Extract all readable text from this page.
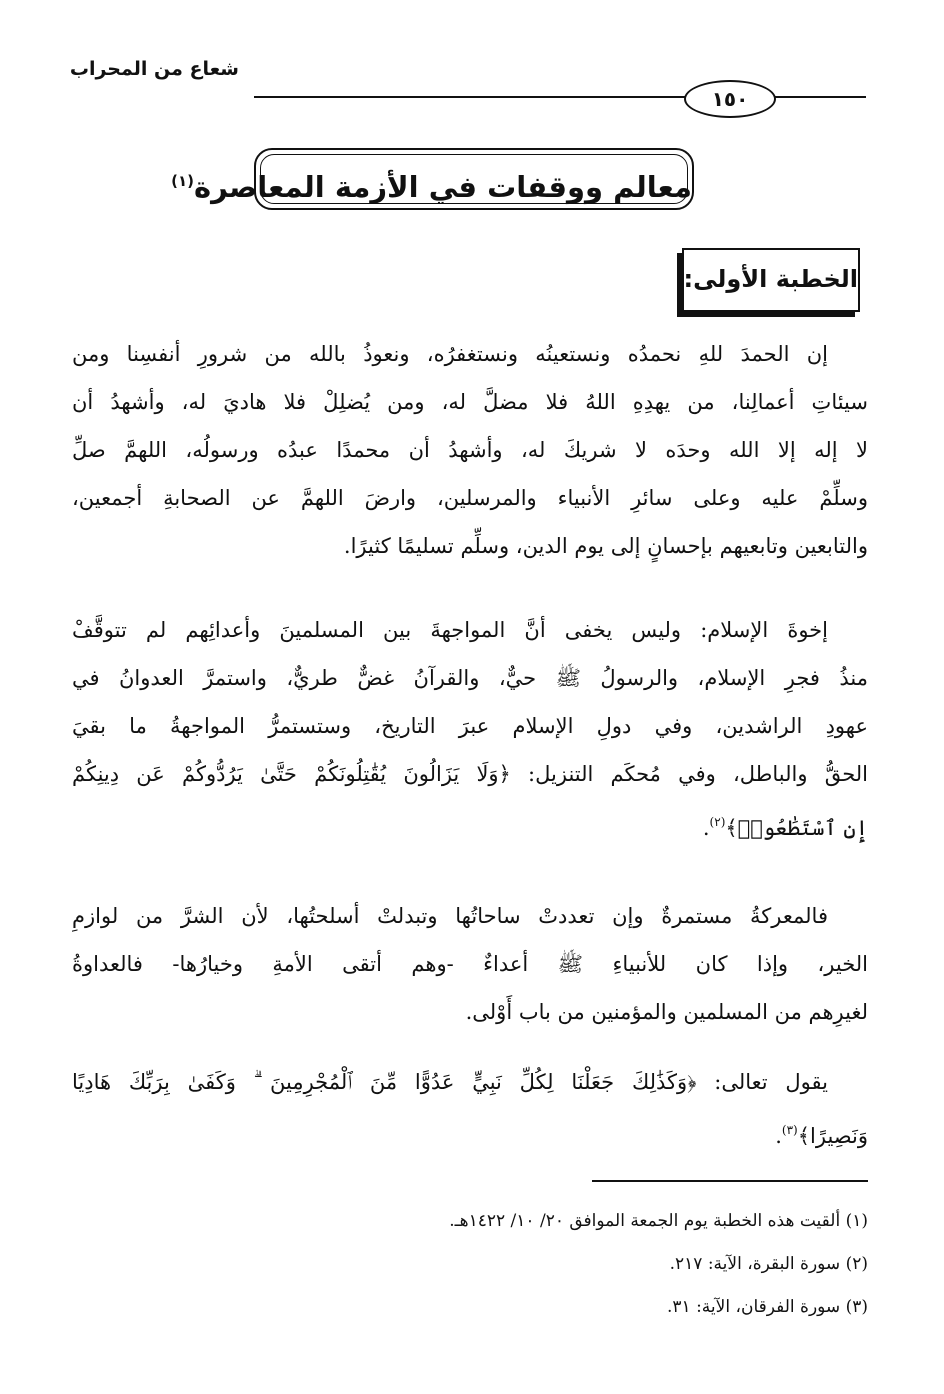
شعاع من المحراب
١٥٠
معالم ووقفات في الأزمة المعاصرة$^{(١)}$
الخطبة الأولى:
إن الحمدَ للهِ نحمدُه ونستعينُه ونستغفرُه، ونعوذُ بالله من شرورِ أنفسِنا ومن
سيئاتِ أعمالِنا، من يهدِهِ اللهُ فلا مضلَّ له، ومن يُضلِلْ فلا هاديَ له، وأشهدُ أن
لا إله إلا الله وحدَه لا شريكَ له، وأشهدُ أن محمدًا عبدُه ورسولُه، اللهمَّ صلِّ
وسلِّمْ عليه وعلى سائرِ الأنبياء والمرسلين، وارضَ اللهمَّ عن الصحابةِ أجمعين،
والتابعين وتابعيهم بإحسانٍ إلى يوم الدين، وسلِّم تسليمًا كثيرًا.
إخوةَ الإسلام: وليس يخفى أنَّ المواجهةَ بين المسلمينَ وأعدائِهم لم تتوقَّفْ
منذُ فجرِ الإسلام، والرسولُ ﷺ حيٌّ، والقرآنُ غضٌّ طريٌّ، واستمرَّ العدوانُ في
عهودِ الراشدين، وفي دولِ الإسلام عبرَ التاريخ، وستستمرُّ المواجهةُ ما بقيَ
الحقُّ والباطل، وفي مُحكَم التنزيل: ﴿وَلَا يَزَالُونَ يُقَٰتِلُونَكُمْ حَتَّىٰ يَرُدُّوكُمْ عَن دِينِكُمْ
إِنِ ٱسْتَطَٰعُوا۟﴾$^{(٢)}$.
فالمعركةُ مستمرةٌ وإن تعددتْ ساحاتُها وتبدلتْ أسلحتُها، لأن الشرَّ من لوازمِ
الخير، وإذا كان للأنبياءِ ﷺ أعداءٌ -وهم أتقى الأمةِ وخيارُها- فالعداوةُ
لغيرِهم من المسلمين والمؤمنين من باب أَوْلى.
يقول تعالى: ﴿وَكَذَٰلِكَ جَعَلْنَا لِكُلِّ نَبِيٍّ عَدُوًّا مِّنَ ٱلْمُجْرِمِينَ ۗ وَكَفَىٰ بِرَبِّكَ هَادِيًا
وَنَصِيرًا﴾$^{(٣)}$.
(١) ألقيت هذه الخطبة يوم الجمعة الموافق ٢٠/ ١٠/ ١٤٢٢هـ.
(٢) سورة البقرة، الآية: ٢١٧.
(٣) سورة الفرقان، الآية: ٣١.
